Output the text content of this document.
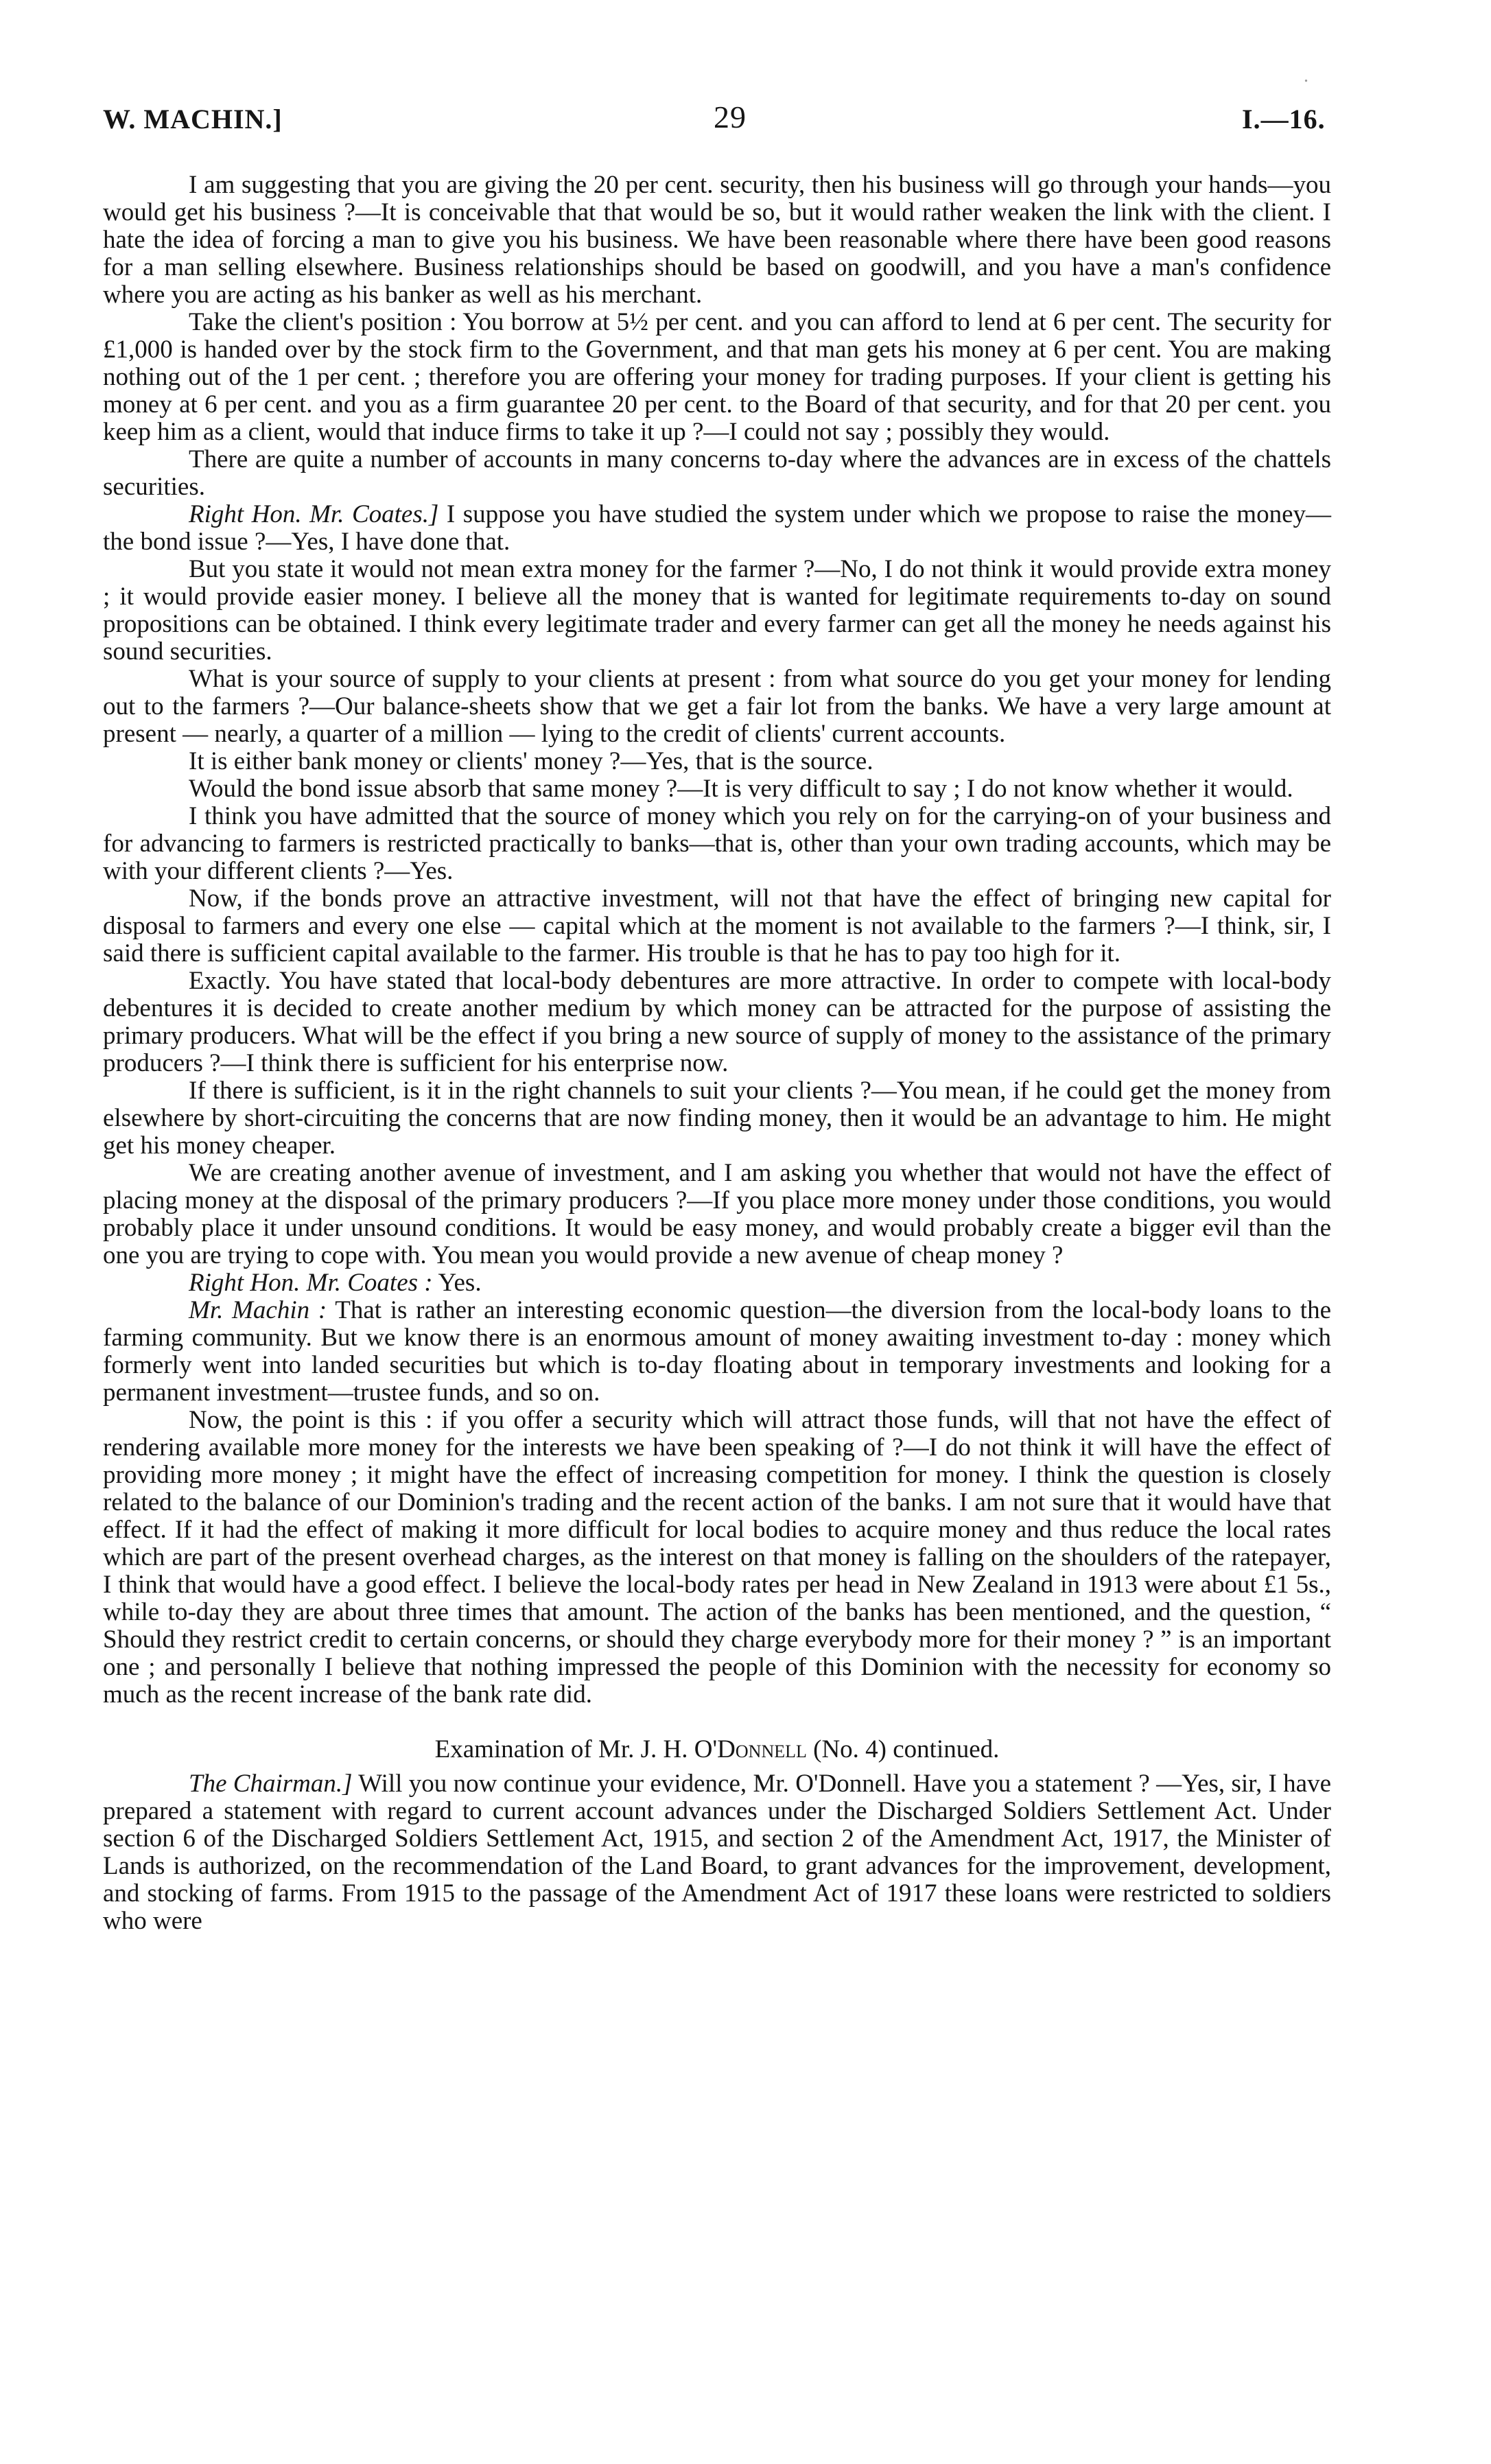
.
W. MACHIN.]	29	I.—16.

I am suggesting that you are giving the 20 per cent. security, then his business will go through your hands—you would get his business ?—It is conceivable that that would be so, but it would rather weaken the link with the client. I hate the idea of forcing a man to give you his business. We have been reasonable where there have been good reasons for a man selling elsewhere. Business relationships should be based on goodwill, and you have a man's confidence where you are acting as his banker as well as his merchant.

Take the client's position : You borrow at 5½ per cent. and you can afford to lend at 6 per cent. The security for £1,000 is handed over by the stock firm to the Government, and that man gets his money at 6 per cent. You are making nothing out of the 1 per cent. ; therefore you are offering your money for trading purposes. If your client is getting his money at 6 per cent. and you as a firm guarantee 20 per cent. to the Board of that security, and for that 20 per cent. you keep him as a client, would that induce firms to take it up ?—I could not say ; possibly they would.

There are quite a number of accounts in many concerns to-day where the advances are in excess of the chattels securities.

Right Hon. Mr. Coates.] I suppose you have studied the system under which we propose to raise the money—the bond issue ?—Yes, I have done that.

But you state it would not mean extra money for the farmer ?—No, I do not think it would provide extra money ; it would provide easier money. I believe all the money that is wanted for legitimate requirements to-day on sound propositions can be obtained. I think every legitimate trader and every farmer can get all the money he needs against his sound securities.

What is your source of supply to your clients at present : from what source do you get your money for lending out to the farmers ?—Our balance-sheets show that we get a fair lot from the banks. We have a very large amount at present — nearly, a quarter of a million — lying to the credit of clients' current accounts.

It is either bank money or clients' money ?—Yes, that is the source.

Would the bond issue absorb that same money ?—It is very difficult to say ; I do not know whether it would.

I think you have admitted that the source of money which you rely on for the carrying-on of your business and for advancing to farmers is restricted practically to banks—that is, other than your own trading accounts, which may be with your different clients ?—Yes.

Now, if the bonds prove an attractive investment, will not that have the effect of bringing new capital for disposal to farmers and every one else — capital which at the moment is not available to the farmers ?—I think, sir, I said there is sufficient capital available to the farmer. His trouble is that he has to pay too high for it.

Exactly. You have stated that local-body debentures are more attractive. In order to compete with local-body debentures it is decided to create another medium by which money can be attracted for the purpose of assisting the primary producers. What will be the effect if you bring a new source of supply of money to the assistance of the primary producers ?—I think there is sufficient for his enterprise now.

If there is sufficient, is it in the right channels to suit your clients ?—You mean, if he could get the money from elsewhere by short-circuiting the concerns that are now finding money, then it would be an advantage to him. He might get his money cheaper.

We are creating another avenue of investment, and I am asking you whether that would not have the effect of placing money at the disposal of the primary producers ?—If you place more money under those conditions, you would probably place it under unsound conditions. It would be easy money, and would probably create a bigger evil than the one you are trying to cope with. You mean you would provide a new avenue of cheap money ?

Right Hon. Mr. Coates : Yes.

Mr. Machin : That is rather an interesting economic question—the diversion from the local-body loans to the farming community. But we know there is an enormous amount of money awaiting investment to-day : money which formerly went into landed securities but which is to-day floating about in temporary investments and looking for a permanent investment—trustee funds, and so on.

Now, the point is this : if you offer a security which will attract those funds, will that not have the effect of rendering available more money for the interests we have been speaking of ?—I do not think it will have the effect of providing more money ; it might have the effect of increasing competition for money. I think the question is closely related to the balance of our Dominion's trading and the recent action of the banks. I am not sure that it would have that effect. If it had the effect of making it more difficult for local bodies to acquire money and thus reduce the local rates which are part of the present overhead charges, as the interest on that money is falling on the shoulders of the ratepayer, I think that would have a good effect. I believe the local-body rates per head in New Zealand in 1913 were about £1 5s., while to-day they are about three times that amount. The action of the banks has been mentioned, and the question, “ Should they restrict credit to certain concerns, or should they charge everybody more for their money ? ” is an important one ; and personally I believe that nothing impressed the people of this Dominion with the necessity for economy so much as the recent increase of the bank rate did.

Examination of Mr. J. H. O'Donnell (No. 4) continued.

The Chairman.] Will you now continue your evidence, Mr. O'Donnell. Have you a statement ? —Yes, sir, I have prepared a statement with regard to current account advances under the Discharged Soldiers Settlement Act. Under section 6 of the Discharged Soldiers Settlement Act, 1915, and section 2 of the Amendment Act, 1917, the Minister of Lands is authorized, on the recommendation of the Land Board, to grant advances for the improvement, development, and stocking of farms. From 1915 to the passage of the Amendment Act of 1917 these loans were restricted to soldiers who were
